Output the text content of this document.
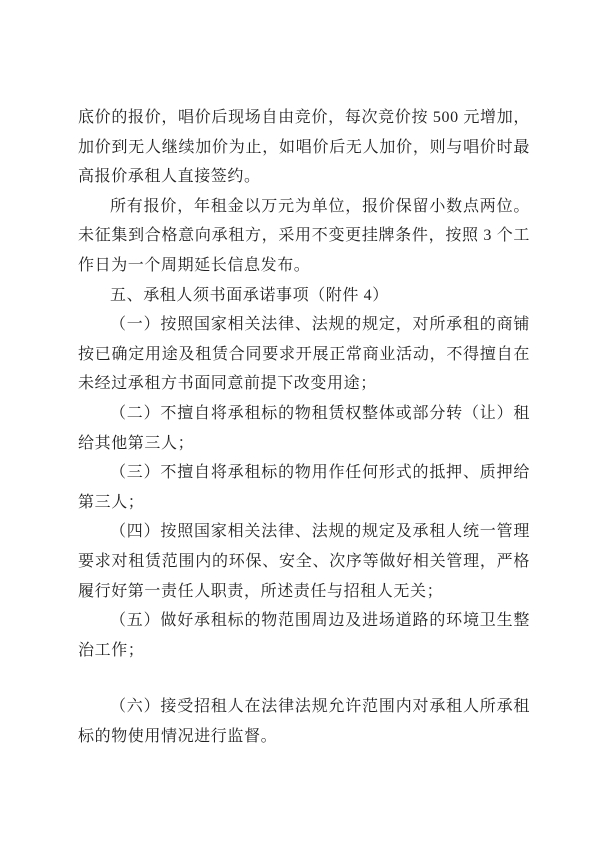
底价的报价，唱价后现场自由竞价，每次竞价按 500 元增加，加价到无人继续加价为止，如唱价后无人加价，则与唱价时最高报价承租人直接签约。

所有报价，年租金以万元为单位，报价保留小数点两位。未征集到合格意向承租方，采用不变更挂牌条件，按照 3 个工作日为一个周期延长信息发布。

五、承租人须书面承诺事项（附件 4）

（一）按照国家相关法律、法规的规定，对所承租的商铺按已确定用途及租赁合同要求开展正常商业活动，不得擅自在未经过承租方书面同意前提下改变用途；

（二）不擅自将承租标的物租赁权整体或部分转（让）租给其他第三人；

（三）不擅自将承租标的物用作任何形式的抵押、质押给第三人；

（四）按照国家相关法律、法规的规定及承租人统一管理要求对租赁范围内的环保、安全、次序等做好相关管理，严格履行好第一责任人职责，所述责任与招租人无关；

（五）做好承租标的物范围周边及进场道路的环境卫生整治工作；

（六）接受招租人在法律法规允许范围内对承租人所承租标的物使用情况进行监督。
